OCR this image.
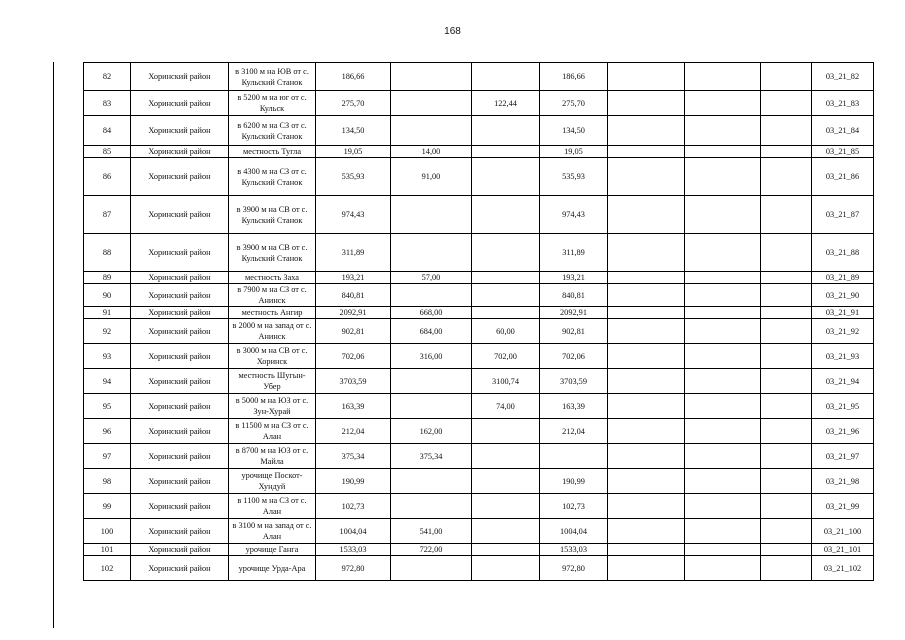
168
82	Хоринский район	в 3100 м на ЮВ от с. Кульский Станок	186,66			186,66				03_21_82
83	Хоринский район	в 5200 м на юг от с. Кульск	275,70		122,44	275,70				03_21_83
84	Хоринский район	в 6200 м на СЗ от с. Кульский Станок	134,50			134,50				03_21_84
85	Хоринский район	местность Тугла	19,05	14,00		19,05				03_21_85
86	Хоринский район	в 4300 м на СЗ от с. Кульский Станок	535,93	91,00		535,93				03_21_86
87	Хоринский район	в 3900 м на СВ от с. Кульский Станок	974,43			974,43				03_21_87
88	Хоринский район	в 3900 м на СВ от с. Кульский Станок	311,89			311,89				03_21_88
89	Хоринский район	местность Заха	193,21	57,00		193,21				03_21_89
90	Хоринский район	в 7900 м на СЗ от с. Анинск	840,81			840,81				03_21_90
91	Хоринский район	местность Ангир	2092,91	668,00		2092,91				03_21_91
92	Хоринский район	в 2000 м на запад от с. Анинск	902,81	684,00	60,00	902,81				03_21_92
93	Хоринский район	в 3000 м на СВ от с. Хоринск	702,06	316,00	702,00	702,06				03_21_93
94	Хоринский район	местность Шугын-Убер	3703,59		3100,74	3703,59				03_21_94
95	Хоринский район	в 5000 м на ЮЗ от с. Зун-Хурай	163,39		74,00	163,39				03_21_95
96	Хоринский район	в 11500 м на СЗ от с. Алан	212,04	162,00		212,04				03_21_96
97	Хоринский район	в 8700 м на ЮЗ от с. Майла	375,34	375,34						03_21_97
98	Хоринский район	урочище Поскот-Хундуй	190,99			190,99				03_21_98
99	Хоринский район	в 1100 м на СЗ от с. Алан	102,73			102,73				03_21_99
100	Хоринский район	в 3100 м на запад от с. Алан	1004,04	541,00		1004,04				03_21_100
101	Хоринский район	урочище Ганга	1533,03	722,00		1533,03				03_21_101
102	Хоринский район	урочище Урда-Ара	972,80			972,80				03_21_102
